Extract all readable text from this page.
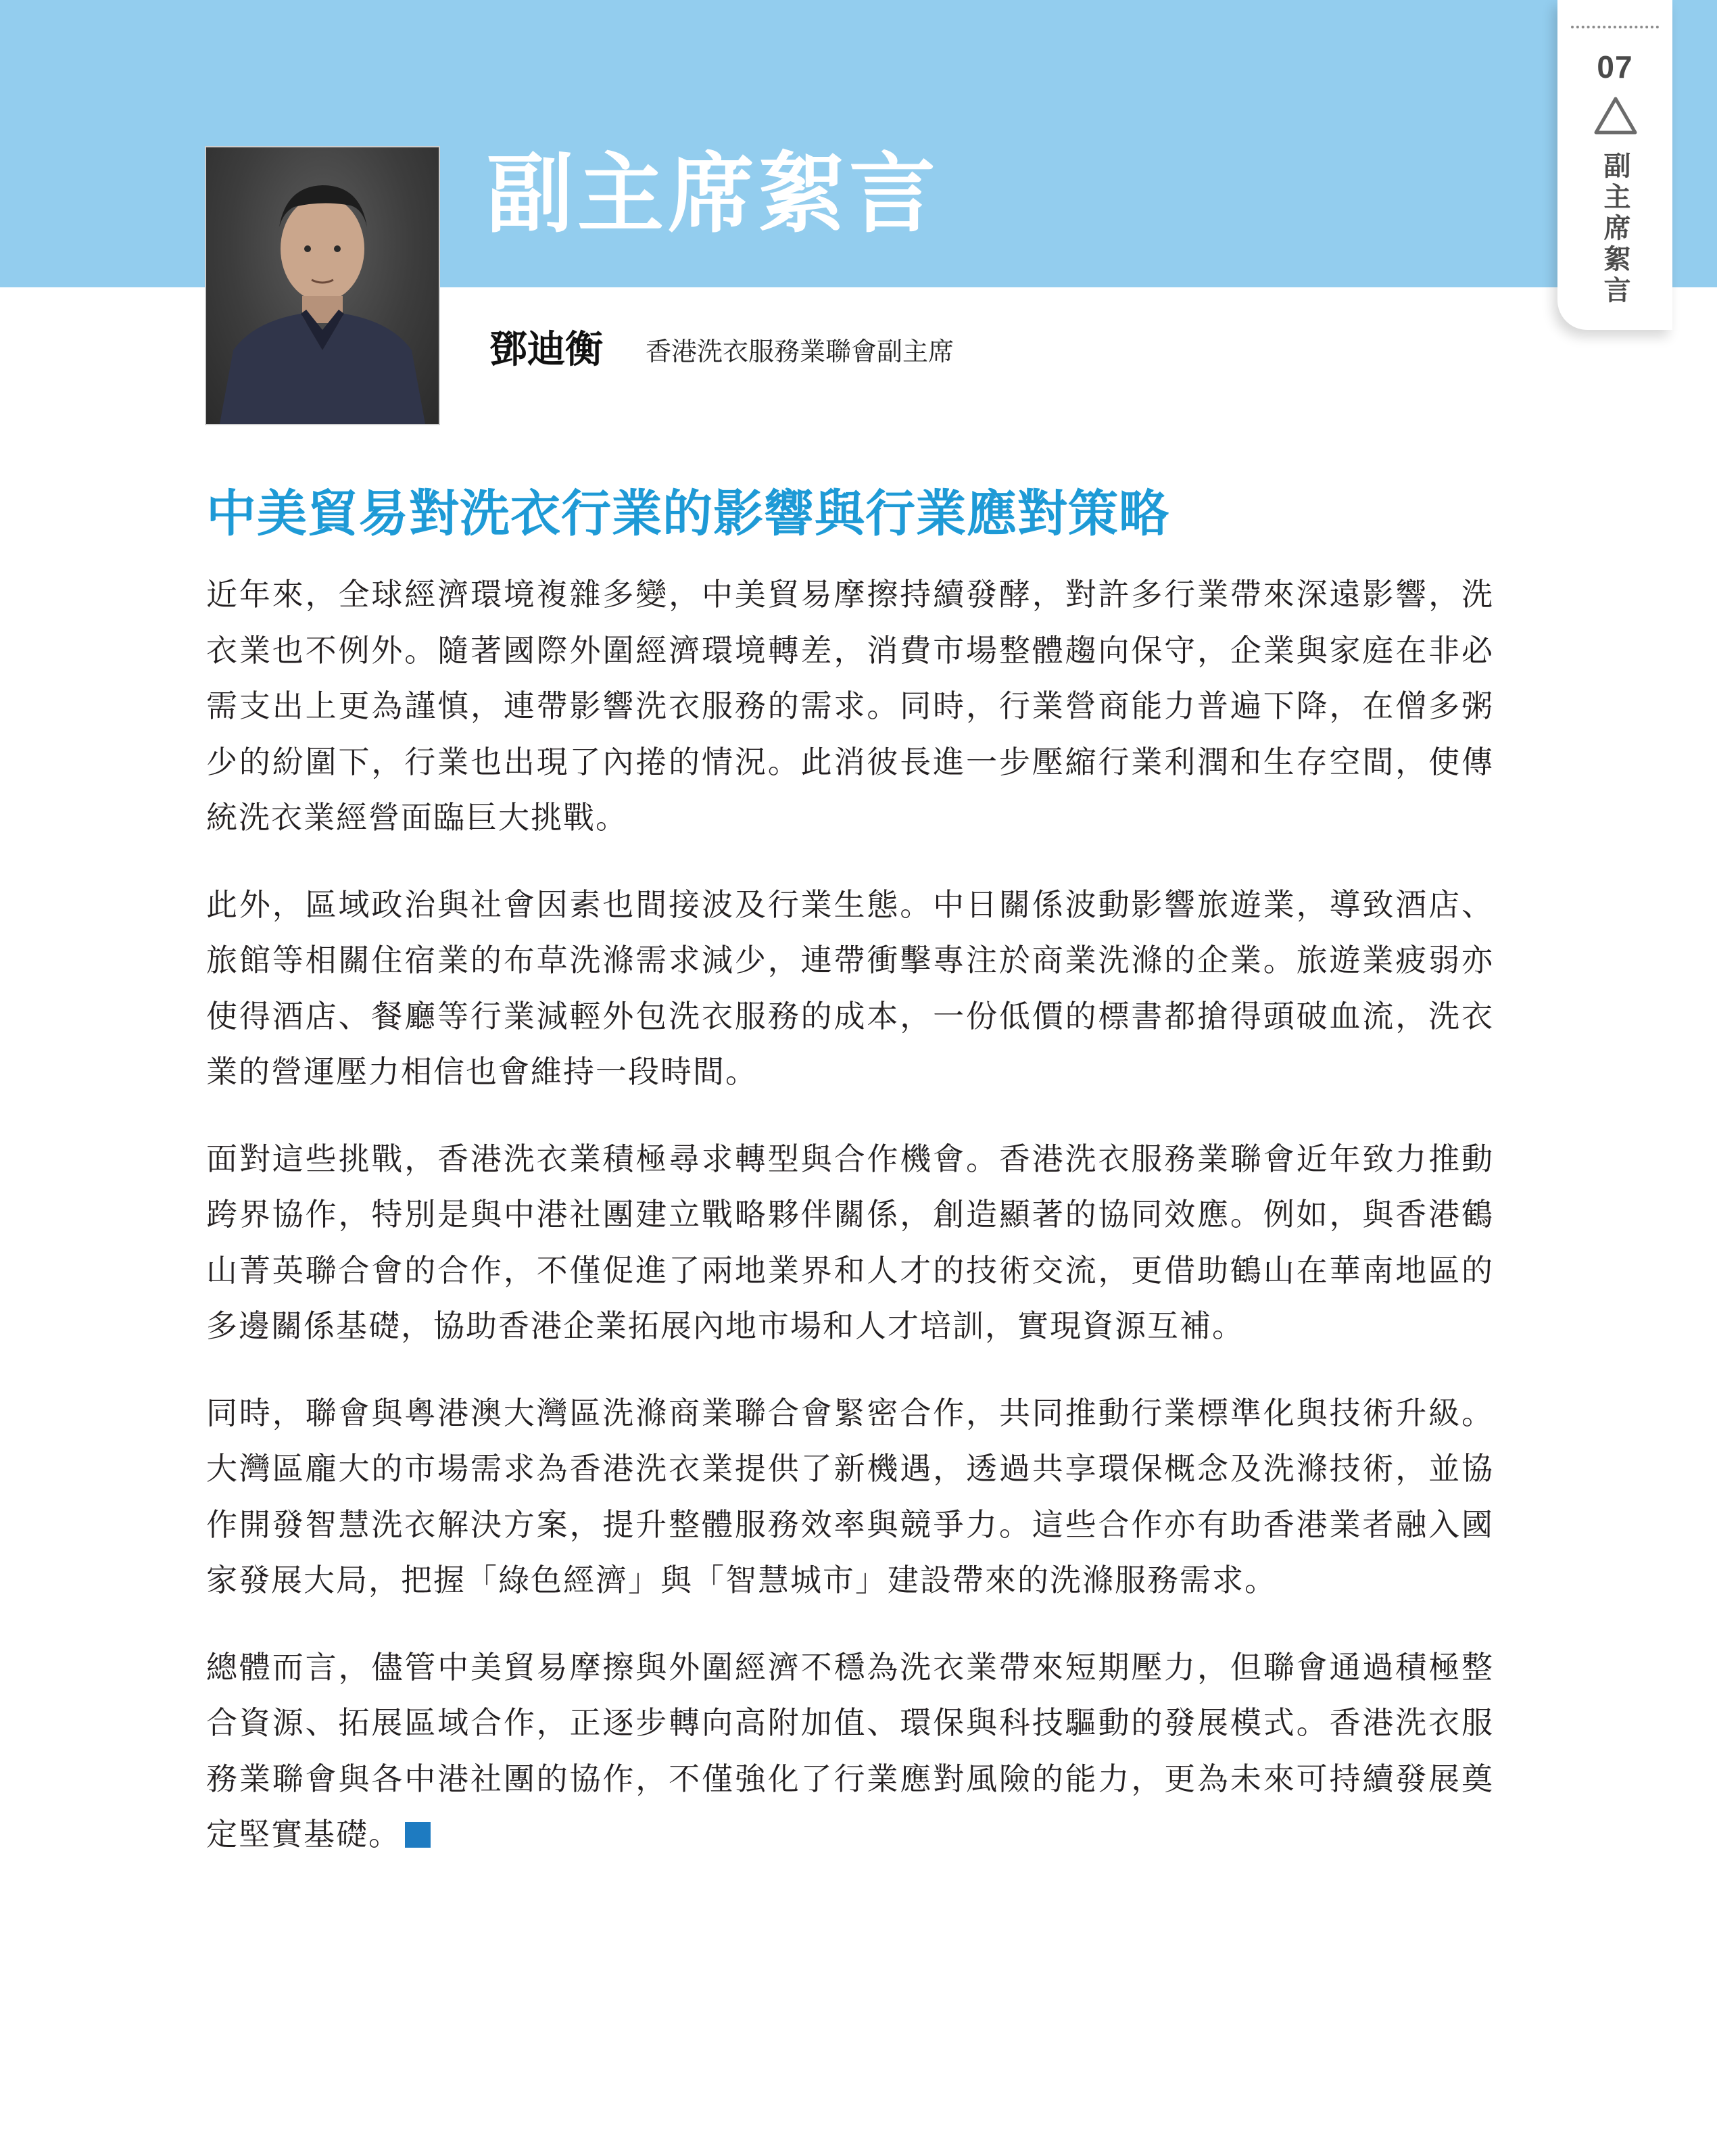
07
副主席絮言
副主席絮言
鄧迪衡 香港洗衣服務業聯會副主席
中美貿易對洗衣行業的影響與行業應對策略

近年來，全球經濟環境複雜多變，中美貿易摩擦持續發酵，對許多行業帶來深遠影響，洗衣業也不例外。隨著國際外圍經濟環境轉差，消費市場整體趨向保守，企業與家庭在非必需支出上更為謹慎，連帶影響洗衣服務的需求。同時，行業營商能力普遍下降，在僧多粥少的紛圍下，行業也出現了內捲的情況。此消彼長進一步壓縮行業利潤和生存空間，使傳統洗衣業經營面臨巨大挑戰。

此外，區域政治與社會因素也間接波及行業生態。中日關係波動影響旅遊業，導致酒店、旅館等相關住宿業的布草洗滌需求減少，連帶衝擊專注於商業洗滌的企業。旅遊業疲弱亦使得酒店、餐廳等行業減輕外包洗衣服務的成本，一份低價的標書都搶得頭破血流，洗衣業的營運壓力相信也會維持一段時間。

面對這些挑戰，香港洗衣業積極尋求轉型與合作機會。香港洗衣服務業聯會近年致力推動跨界協作，特別是與中港社團建立戰略夥伴關係，創造顯著的協同效應。例如，與香港鶴山菁英聯合會的合作，不僅促進了兩地業界和人才的技術交流，更借助鶴山在華南地區的多邊關係基礎，協助香港企業拓展內地市場和人才培訓，實現資源互補。

同時，聯會與粵港澳大灣區洗滌商業聯合會緊密合作，共同推動行業標準化與技術升級。大灣區龐大的市場需求為香港洗衣業提供了新機遇，透過共享環保概念及洗滌技術，並協作開發智慧洗衣解決方案，提升整體服務效率與競爭力。這些合作亦有助香港業者融入國家發展大局，把握「綠色經濟」與「智慧城市」建設帶來的洗滌服務需求。

總體而言，儘管中美貿易摩擦與外圍經濟不穩為洗衣業帶來短期壓力，但聯會通過積極整合資源、拓展區域合作，正逐步轉向高附加值、環保與科技驅動的發展模式。香港洗衣服務業聯會與各中港社團的協作，不僅強化了行業應對風險的能力，更為未來可持續發展奠定堅實基礎。
